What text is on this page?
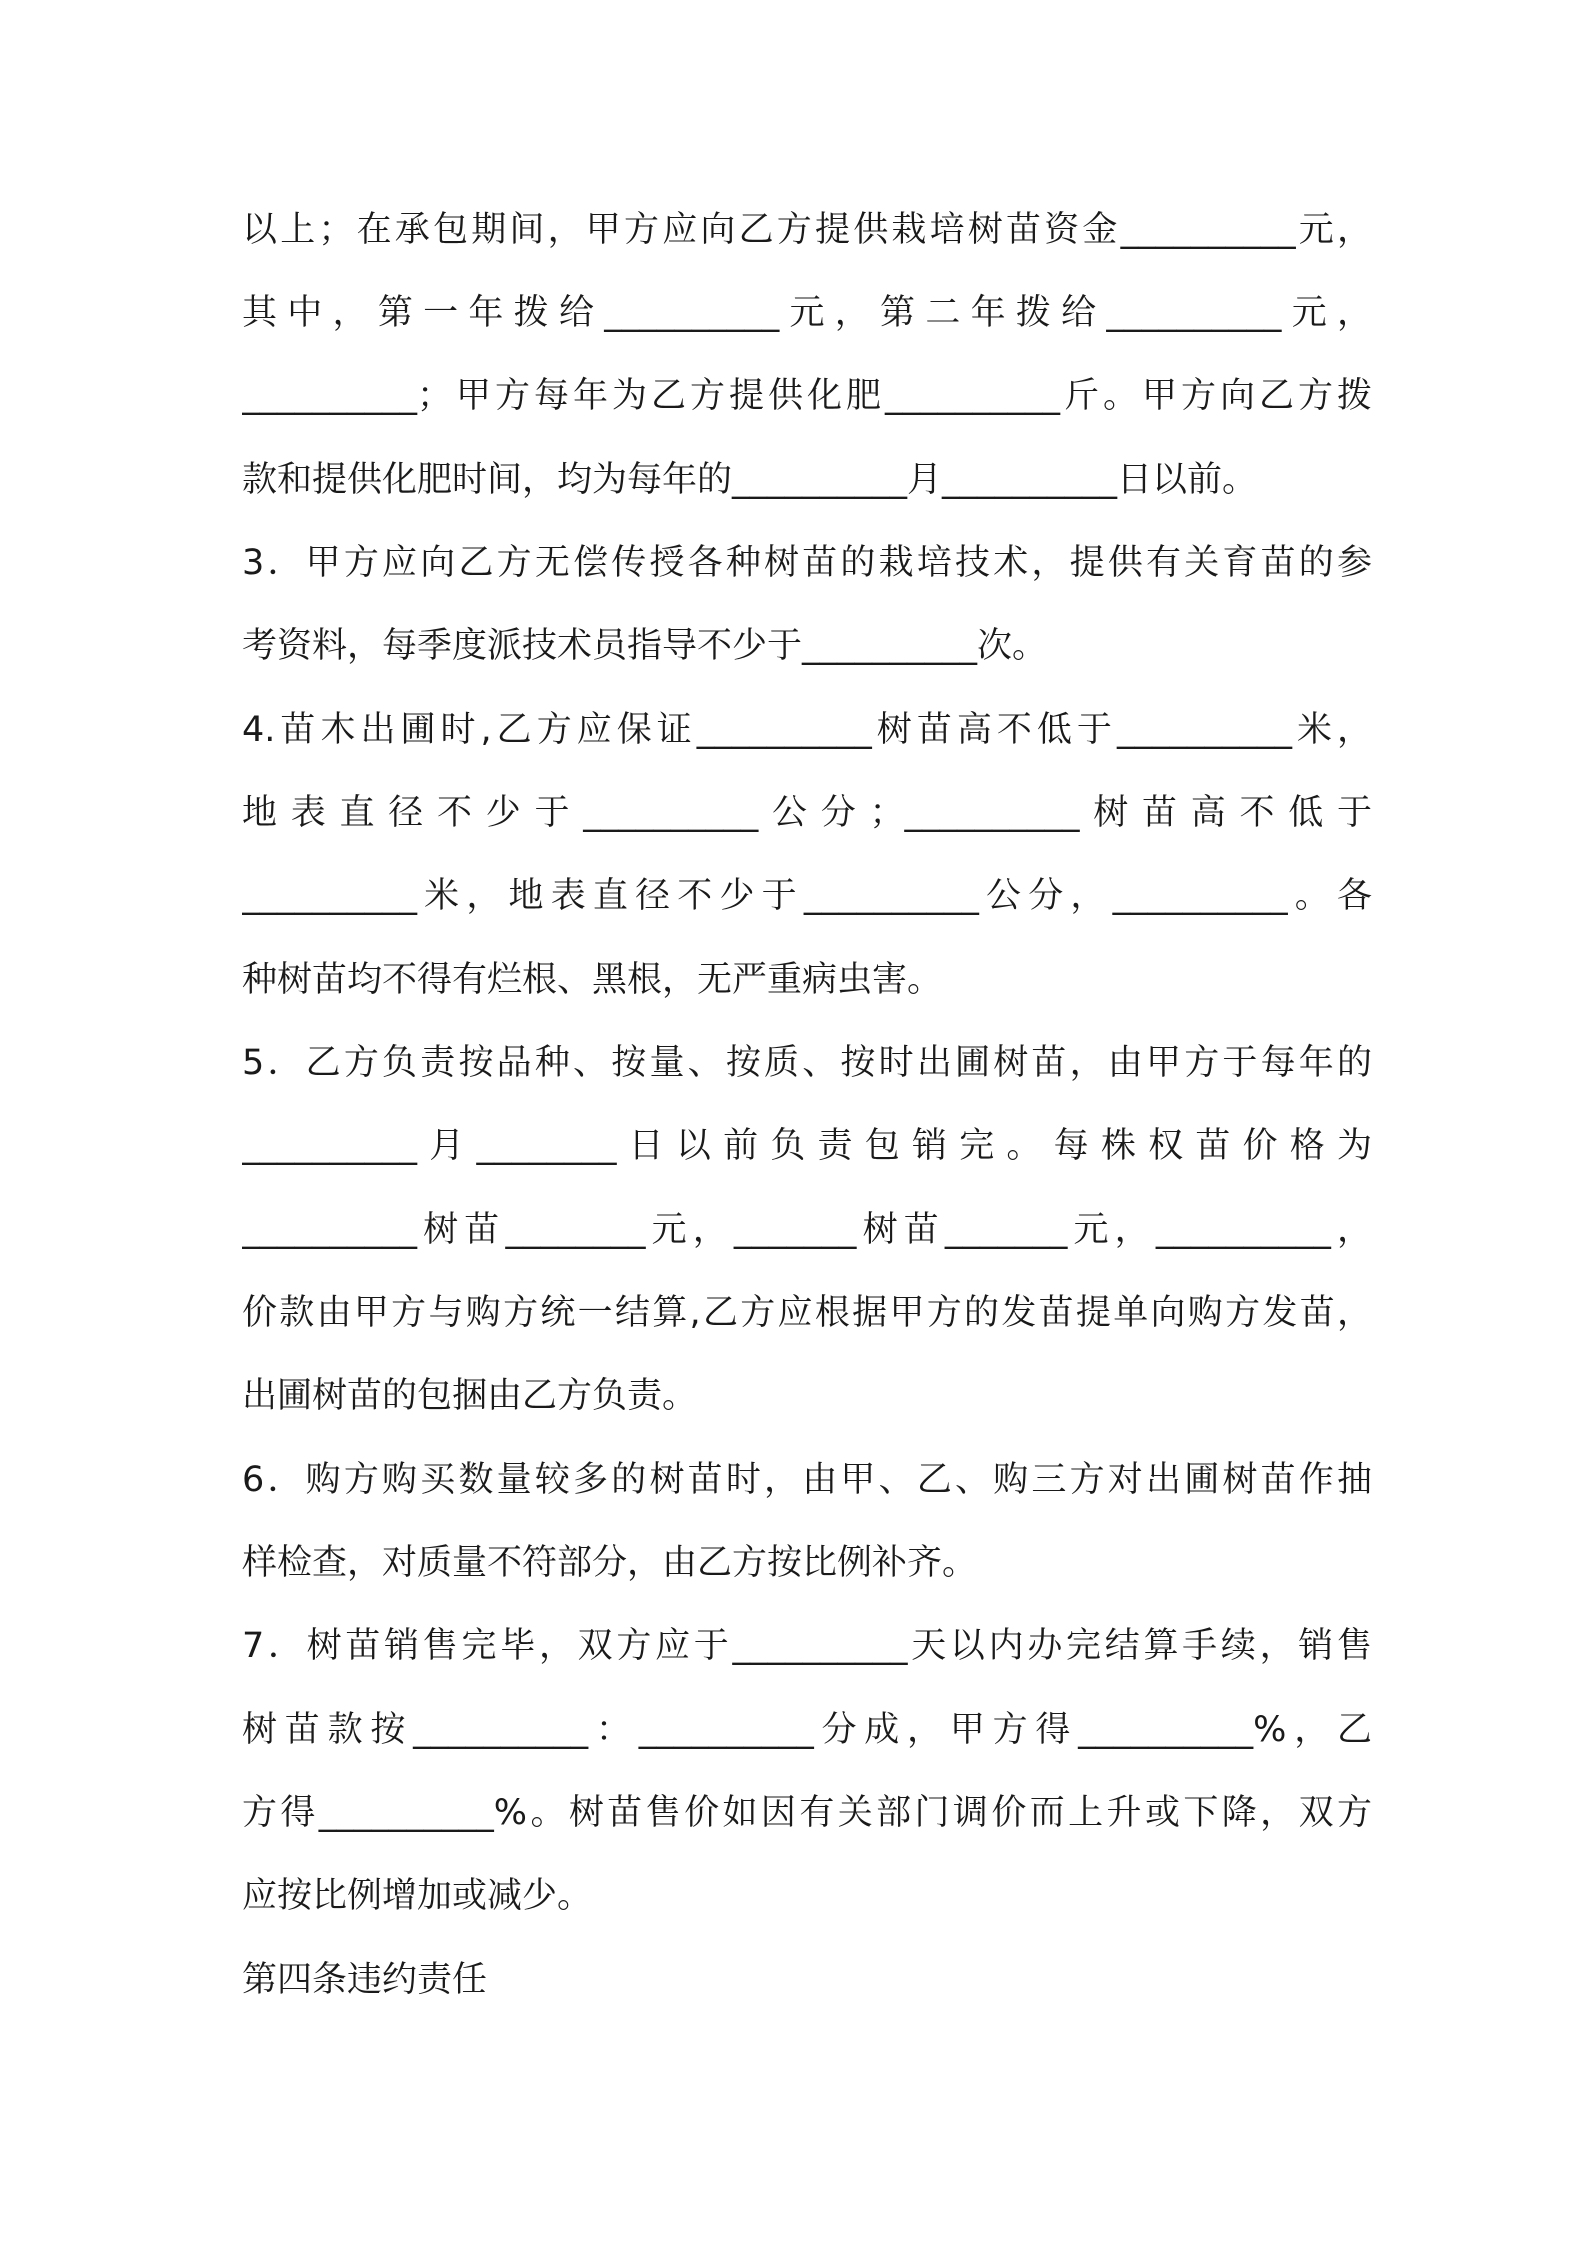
以上；在承包期间，甲方应向乙方提供栽培树苗资金__________元，
其中，第一年拨给__________元，第二年拨给__________元，
__________；甲方每年为乙方提供化肥__________斤。甲方向乙方拨
款和提供化肥时间，均为每年的__________月__________日以前。
3．甲方应向乙方无偿传授各种树苗的栽培技术，提供有关育苗的参
考资料，每季度派技术员指导不少于__________次。
4.苗木出圃时,乙方应保证__________树苗高不低于__________米，
地表直径不少于__________公分；__________树苗高不低于
__________米，地表直径不少于__________公分，__________。各
种树苗均不得有烂根、黑根，无严重病虫害。
5．乙方负责按品种、按量、按质、按时出圃树苗，由甲方于每年的
__________月________日以前负责包销完。每株权苗价格为
__________树苗________元，_______树苗_______元，__________，
价款由甲方与购方统一结算,乙方应根据甲方的发苗提单向购方发苗，
出圃树苗的包捆由乙方负责。
6．购方购买数量较多的树苗时，由甲、乙、购三方对出圃树苗作抽
样检查，对质量不符部分，由乙方按比例补齐。
7．树苗销售完毕，双方应于__________天以内办完结算手续，销售
树苗款按__________：__________分成，甲方得__________%，乙
方得__________%。树苗售价如因有关部门调价而上升或下降，双方
应按比例增加或减少。
第四条违约责任
